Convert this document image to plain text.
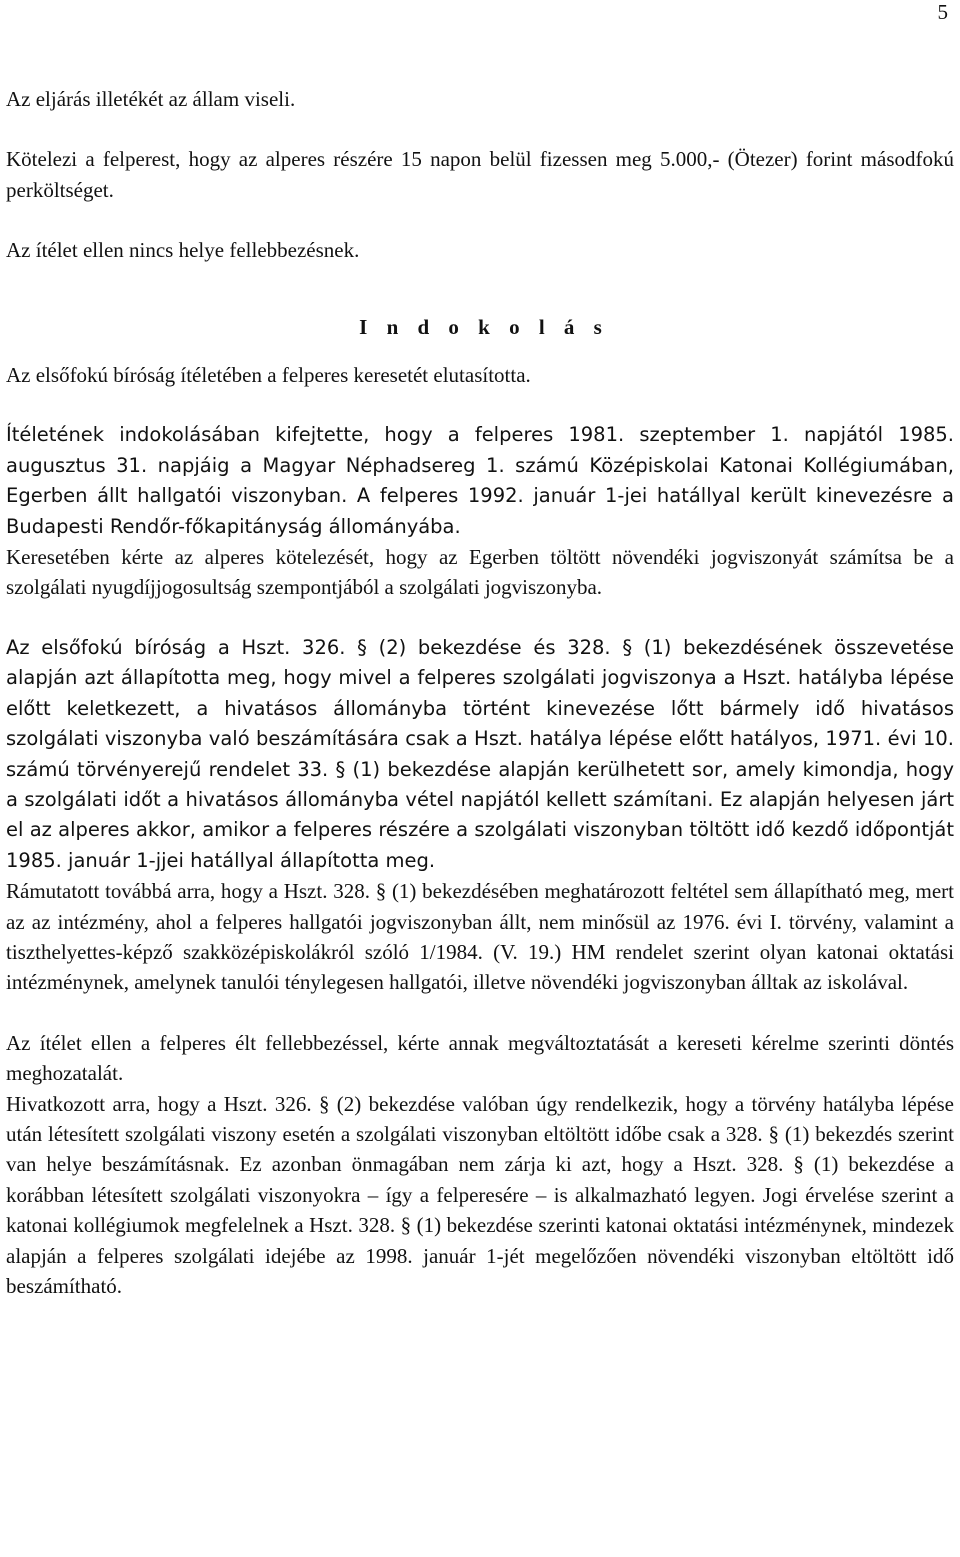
5

Az eljárás illetékét az állam viseli.

Kötelezi a felperest, hogy az alperes részére 15 napon belül fizessen meg 5.000,- (Ötezer) forint másodfokú perköltséget.

Az ítélet ellen nincs helye fellebbezésnek.

I n d o k o l á s

Az elsőfokú bíróság ítéletében a felperes keresetét elutasította.

Ítéletének indokolásában kifejtette, hogy a felperes 1981. szeptember 1. napjától 1985. augusztus 31. napjáig a Magyar Néphadsereg 1. számú Középiskolai Katonai Kollégiumában, Egerben állt hallgatói viszonyban. A felperes 1992. január 1-jei hatállyal került kinevezésre a Budapesti Rendőr-főkapitányság állományába.

Keresetében kérte az alperes kötelezését, hogy az Egerben töltött növendéki jogviszonyát számítsa be a szolgálati nyugdíjjogosultság szempontjából a szolgálati jogviszonyba.

Az elsőfokú bíróság a Hszt. 326. § (2) bekezdése és 328. § (1) bekezdésének összevetése alapján azt állapította meg, hogy mivel a felperes szolgálati jogviszonya a Hszt. hatályba lépése előtt keletkezett, a hivatásos állományba történt kinevezése lőtt bármely idő hivatásos szolgálati viszonyba való beszámítására csak a Hszt. hatálya lépése előtt hatályos, 1971. évi 10. számú törvényerejű rendelet 33. § (1) bekezdése alapján kerülhetett sor, amely kimondja, hogy a szolgálati időt a hivatásos állományba vétel napjától kellett számítani. Ez alapján helyesen járt el az alperes akkor, amikor a felperes részére a szolgálati viszonyban töltött idő kezdő időpontját 1985. január 1-jjei hatállyal állapította meg.

Rámutatott továbbá arra, hogy a Hszt. 328. § (1) bekezdésében meghatározott feltétel sem állapítható meg, mert az az intézmény, ahol a felperes hallgatói jogviszonyban állt, nem minősül az 1976. évi I. törvény, valamint a tiszthelyettes-képző szakközépiskolákról szóló 1/1984. (V. 19.) HM rendelet szerint olyan katonai oktatási intézménynek, amelynek tanulói ténylegesen hallgatói, illetve növendéki jogviszonyban álltak az iskolával.

Az ítélet ellen a felperes élt fellebbezéssel, kérte annak megváltoztatását a kereseti kérelme szerinti döntés meghozatalát.

Hivatkozott arra, hogy a Hszt. 326. § (2) bekezdése valóban úgy rendelkezik, hogy a törvény hatályba lépése után létesített szolgálati viszony esetén a szolgálati viszonyban eltöltött időbe csak a 328. § (1) bekezdés szerint van helye beszámításnak. Ez azonban önmagában nem zárja ki azt, hogy a Hszt. 328. § (1) bekezdése a korábban létesített szolgálati viszonyokra – így a felperesére – is alkalmazható legyen. Jogi érvelése szerint a katonai kollégiumok megfelelnek a Hszt. 328. § (1) bekezdése szerinti katonai oktatási intézménynek, mindezek alapján a felperes szolgálati idejébe az 1998. január 1-jét megelőzően növendéki viszonyban eltöltött idő beszámítható.
